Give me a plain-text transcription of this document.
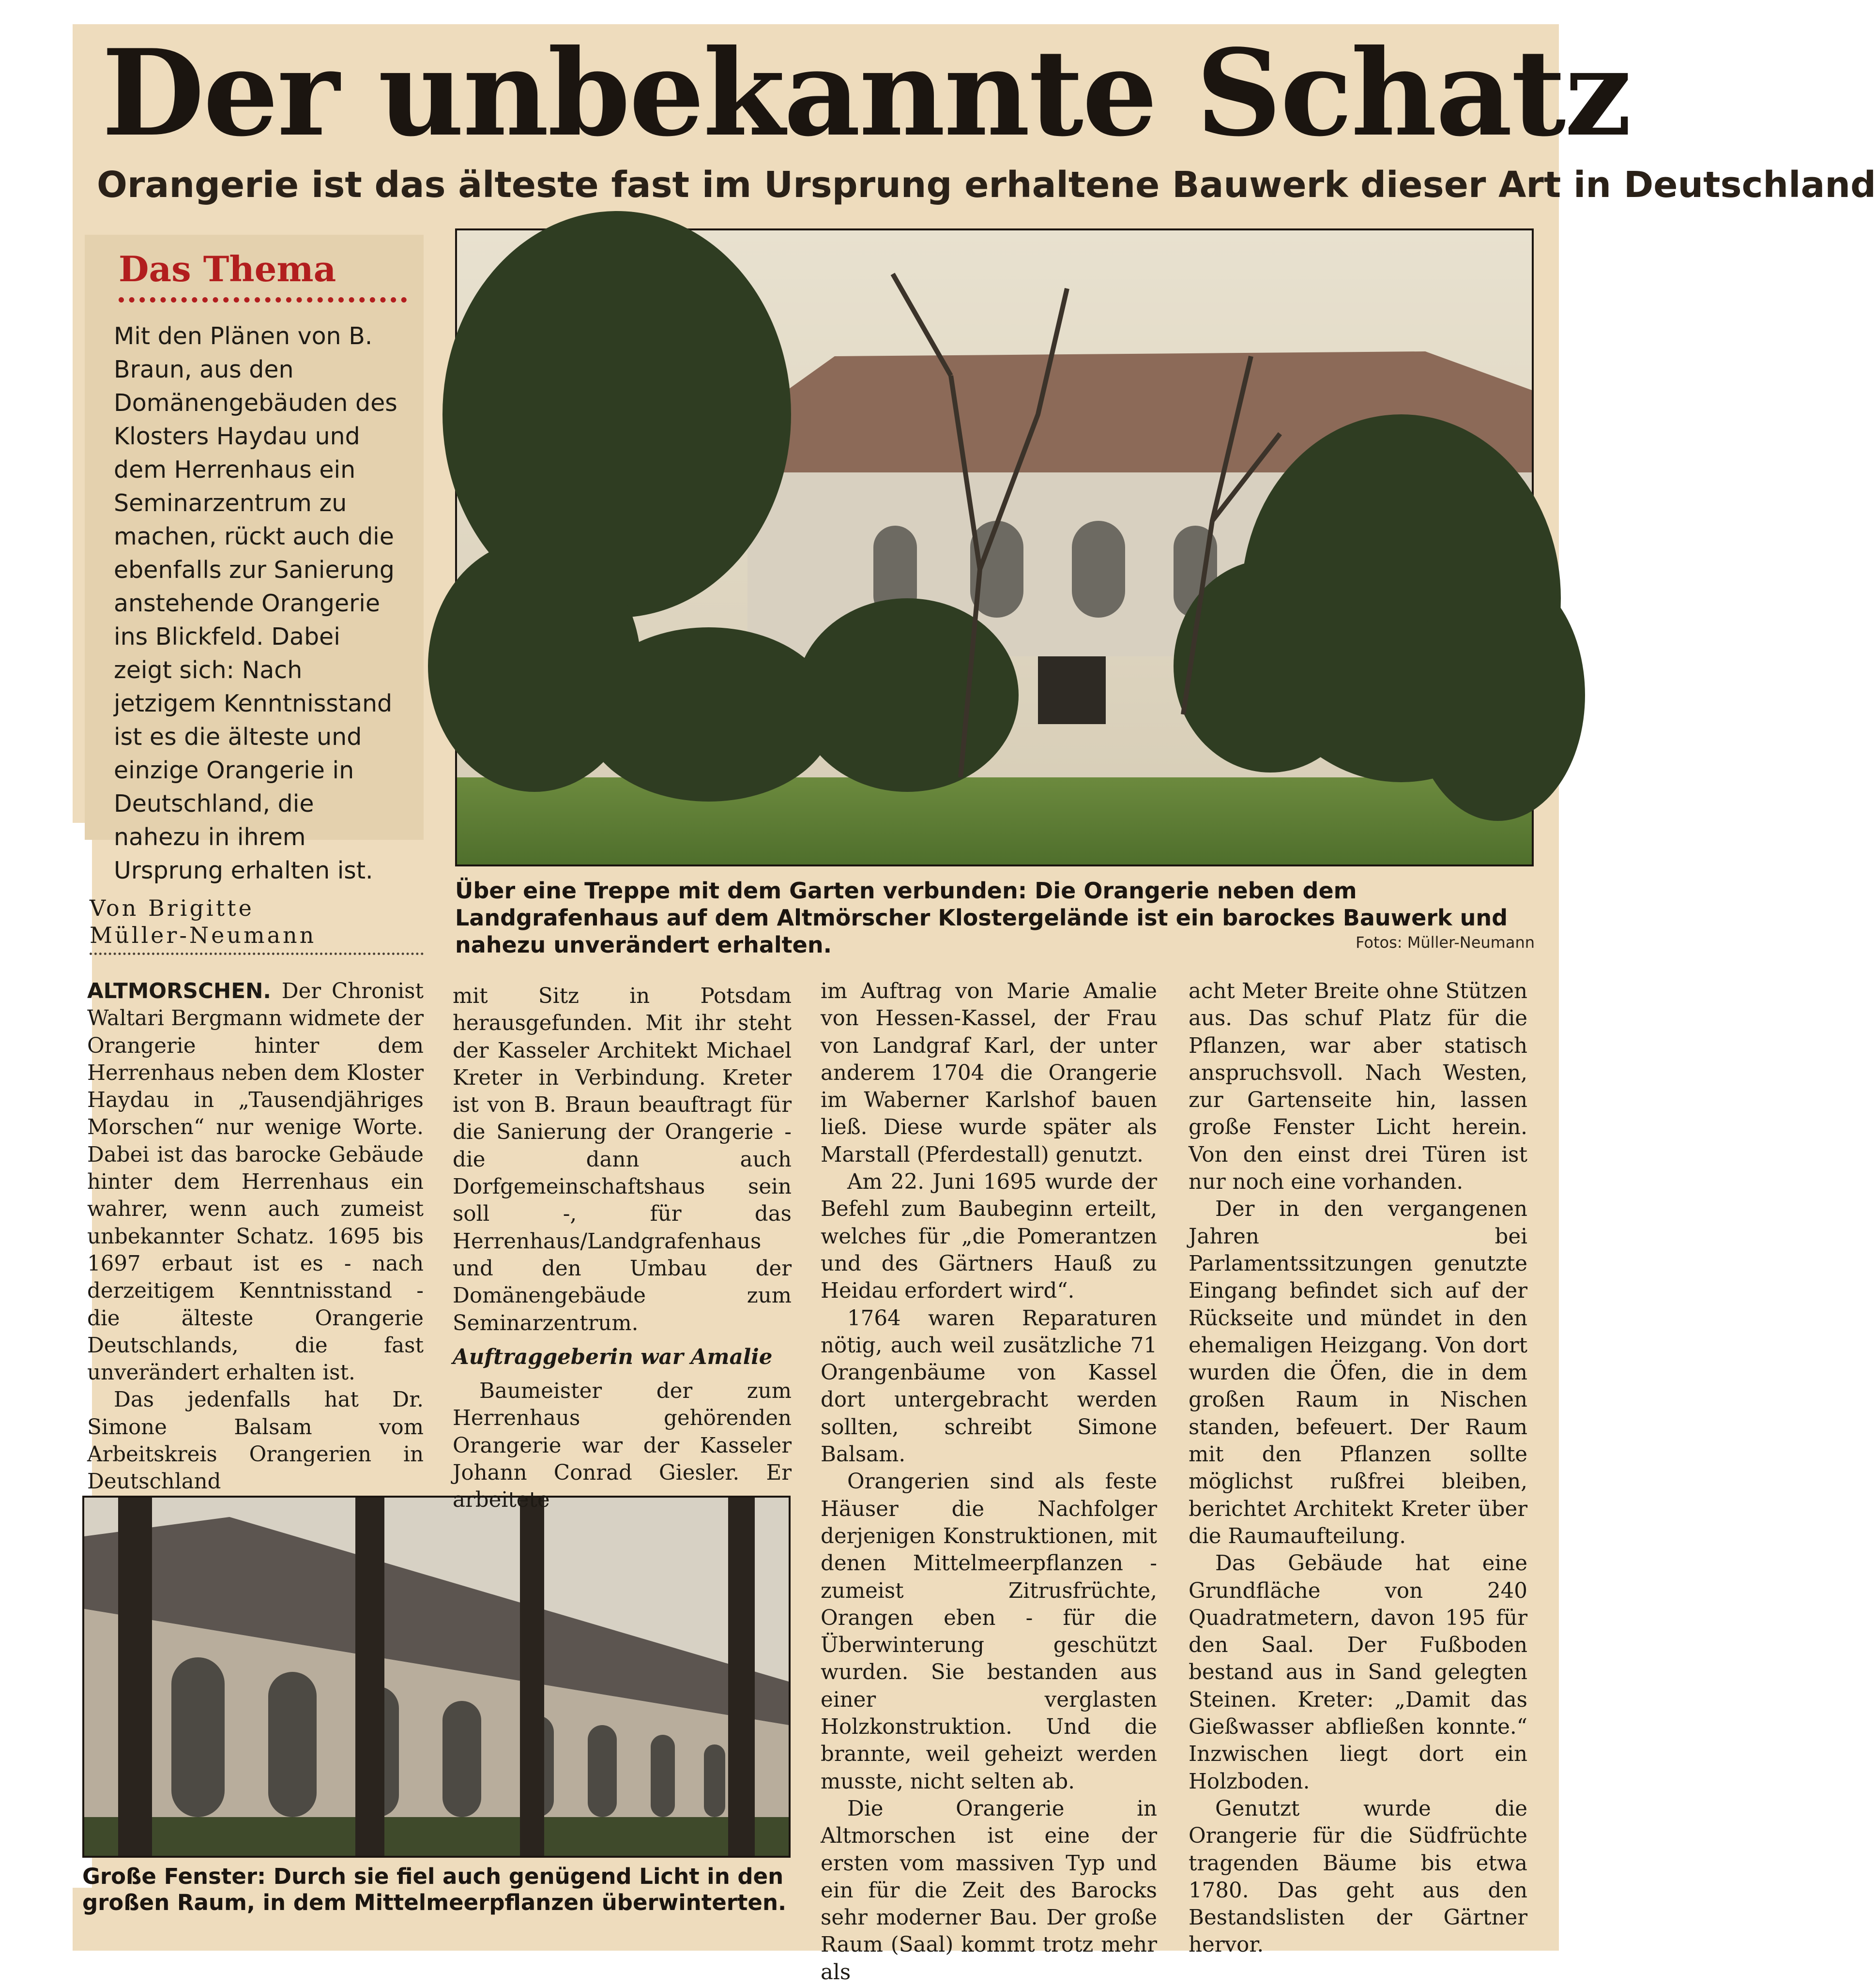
Der unbekannte Schatz
Orangerie ist das älteste fast im Ursprung erhaltene Bauwerk dieser Art in Deutschland
Das Thema

Mit den Plänen von B. Braun, aus den Domänengebäuden des Klosters Haydau und dem Herrenhaus ein Seminarzentrum zu machen, rückt auch die ebenfalls zur Sanierung anstehende Orangerie ins Blickfeld. Dabei zeigt sich: Nach jetzigem Kenntnisstand ist es die älteste und einzige Orangerie in Deutschland, die nahezu in ihrem Ursprung erhalten ist.

Von Brigitte
Müller-Neumann

Über eine Treppe mit dem Garten verbunden: Die Orangerie neben dem Landgrafenhaus auf dem Altmörscher Klostergelände ist ein barockes Bauwerk und nahezu unverändert erhalten.	Fotos: Müller-Neumann

Große Fenster: Durch sie fiel auch genügend Licht in den großen Raum, in dem Mittelmeerpflanzen überwinterten.

ALTMORSCHEN. Der Chronist Waltari Bergmann widmete der Orangerie hinter dem Herrenhaus neben dem Kloster Haydau in „Tausendjähriges Morschen“ nur wenige Worte. Dabei ist das barocke Gebäude hinter dem Herrenhaus ein wahrer, wenn auch zumeist unbekannter Schatz. 1695 bis 1697 erbaut ist es - nach derzeitigem Kenntnisstand - die älteste Orangerie Deutschlands, die fast unverändert erhalten ist.

Das jedenfalls hat Dr. Simone Balsam vom Arbeitskreis Orangerien in Deutschland

mit Sitz in Potsdam herausgefunden. Mit ihr steht der Kasseler Architekt Michael Kreter in Verbindung. Kreter ist von B. Braun beauftragt für die Sanierung der Orangerie - die dann auch Dorfgemeinschaftshaus sein soll -, für das Herrenhaus/Landgrafenhaus und den Umbau der Domänengebäude zum Seminarzentrum.

Auftraggeberin war Amalie

Baumeister der zum Herrenhaus gehörenden Orangerie war der Kasseler Johann Conrad Giesler. Er arbeitete

im Auftrag von Marie Amalie von Hessen-Kassel, der Frau von Landgraf Karl, der unter anderem 1704 die Orangerie im Waberner Karlshof bauen ließ. Diese wurde später als Marstall (Pferdestall) genutzt.

Am 22. Juni 1695 wurde der Befehl zum Baubeginn erteilt, welches für „die Pomerantzen und des Gärtners Hauß zu Heidau erfordert wird“.

1764 waren Reparaturen nötig, auch weil zusätzliche 71 Orangenbäume von Kassel dort untergebracht werden sollten, schreibt Simone Balsam.

Orangerien sind als feste Häuser die Nachfolger derjenigen Konstruktionen, mit denen Mittelmeerpflanzen - zumeist Zitrusfrüchte, Orangen eben - für die Überwinterung geschützt wurden. Sie bestanden aus einer verglasten Holzkonstruktion. Und die brannte, weil geheizt werden musste, nicht selten ab.

Die Orangerie in Altmorschen ist eine der ersten vom massiven Typ und ein für die Zeit des Barocks sehr moderner Bau. Der große Raum (Saal) kommt trotz mehr als

acht Meter Breite ohne Stützen aus. Das schuf Platz für die Pflanzen, war aber statisch anspruchsvoll. Nach Westen, zur Gartenseite hin, lassen große Fenster Licht herein. Von den einst drei Türen ist nur noch eine vorhanden.

Der in den vergangenen Jahren bei Parlamentssitzungen genutzte Eingang befindet sich auf der Rückseite und mündet in den ehemaligen Heizgang. Von dort wurden die Öfen, die in dem großen Raum in Nischen standen, befeuert. Der Raum mit den Pflanzen sollte möglichst rußfrei bleiben, berichtet Architekt Kreter über die Raumaufteilung.

Das Gebäude hat eine Grundfläche von 240 Quadratmetern, davon 195 für den Saal. Der Fußboden bestand aus in Sand gelegten Steinen. Kreter: „Damit das Gießwasser abfließen konnte.“ Inzwischen liegt dort ein Holzboden.

Genutzt wurde die Orangerie für die Südfrüchte tragenden Bäume bis etwa 1780. Das geht aus den Bestandslisten der Gärtner hervor.
